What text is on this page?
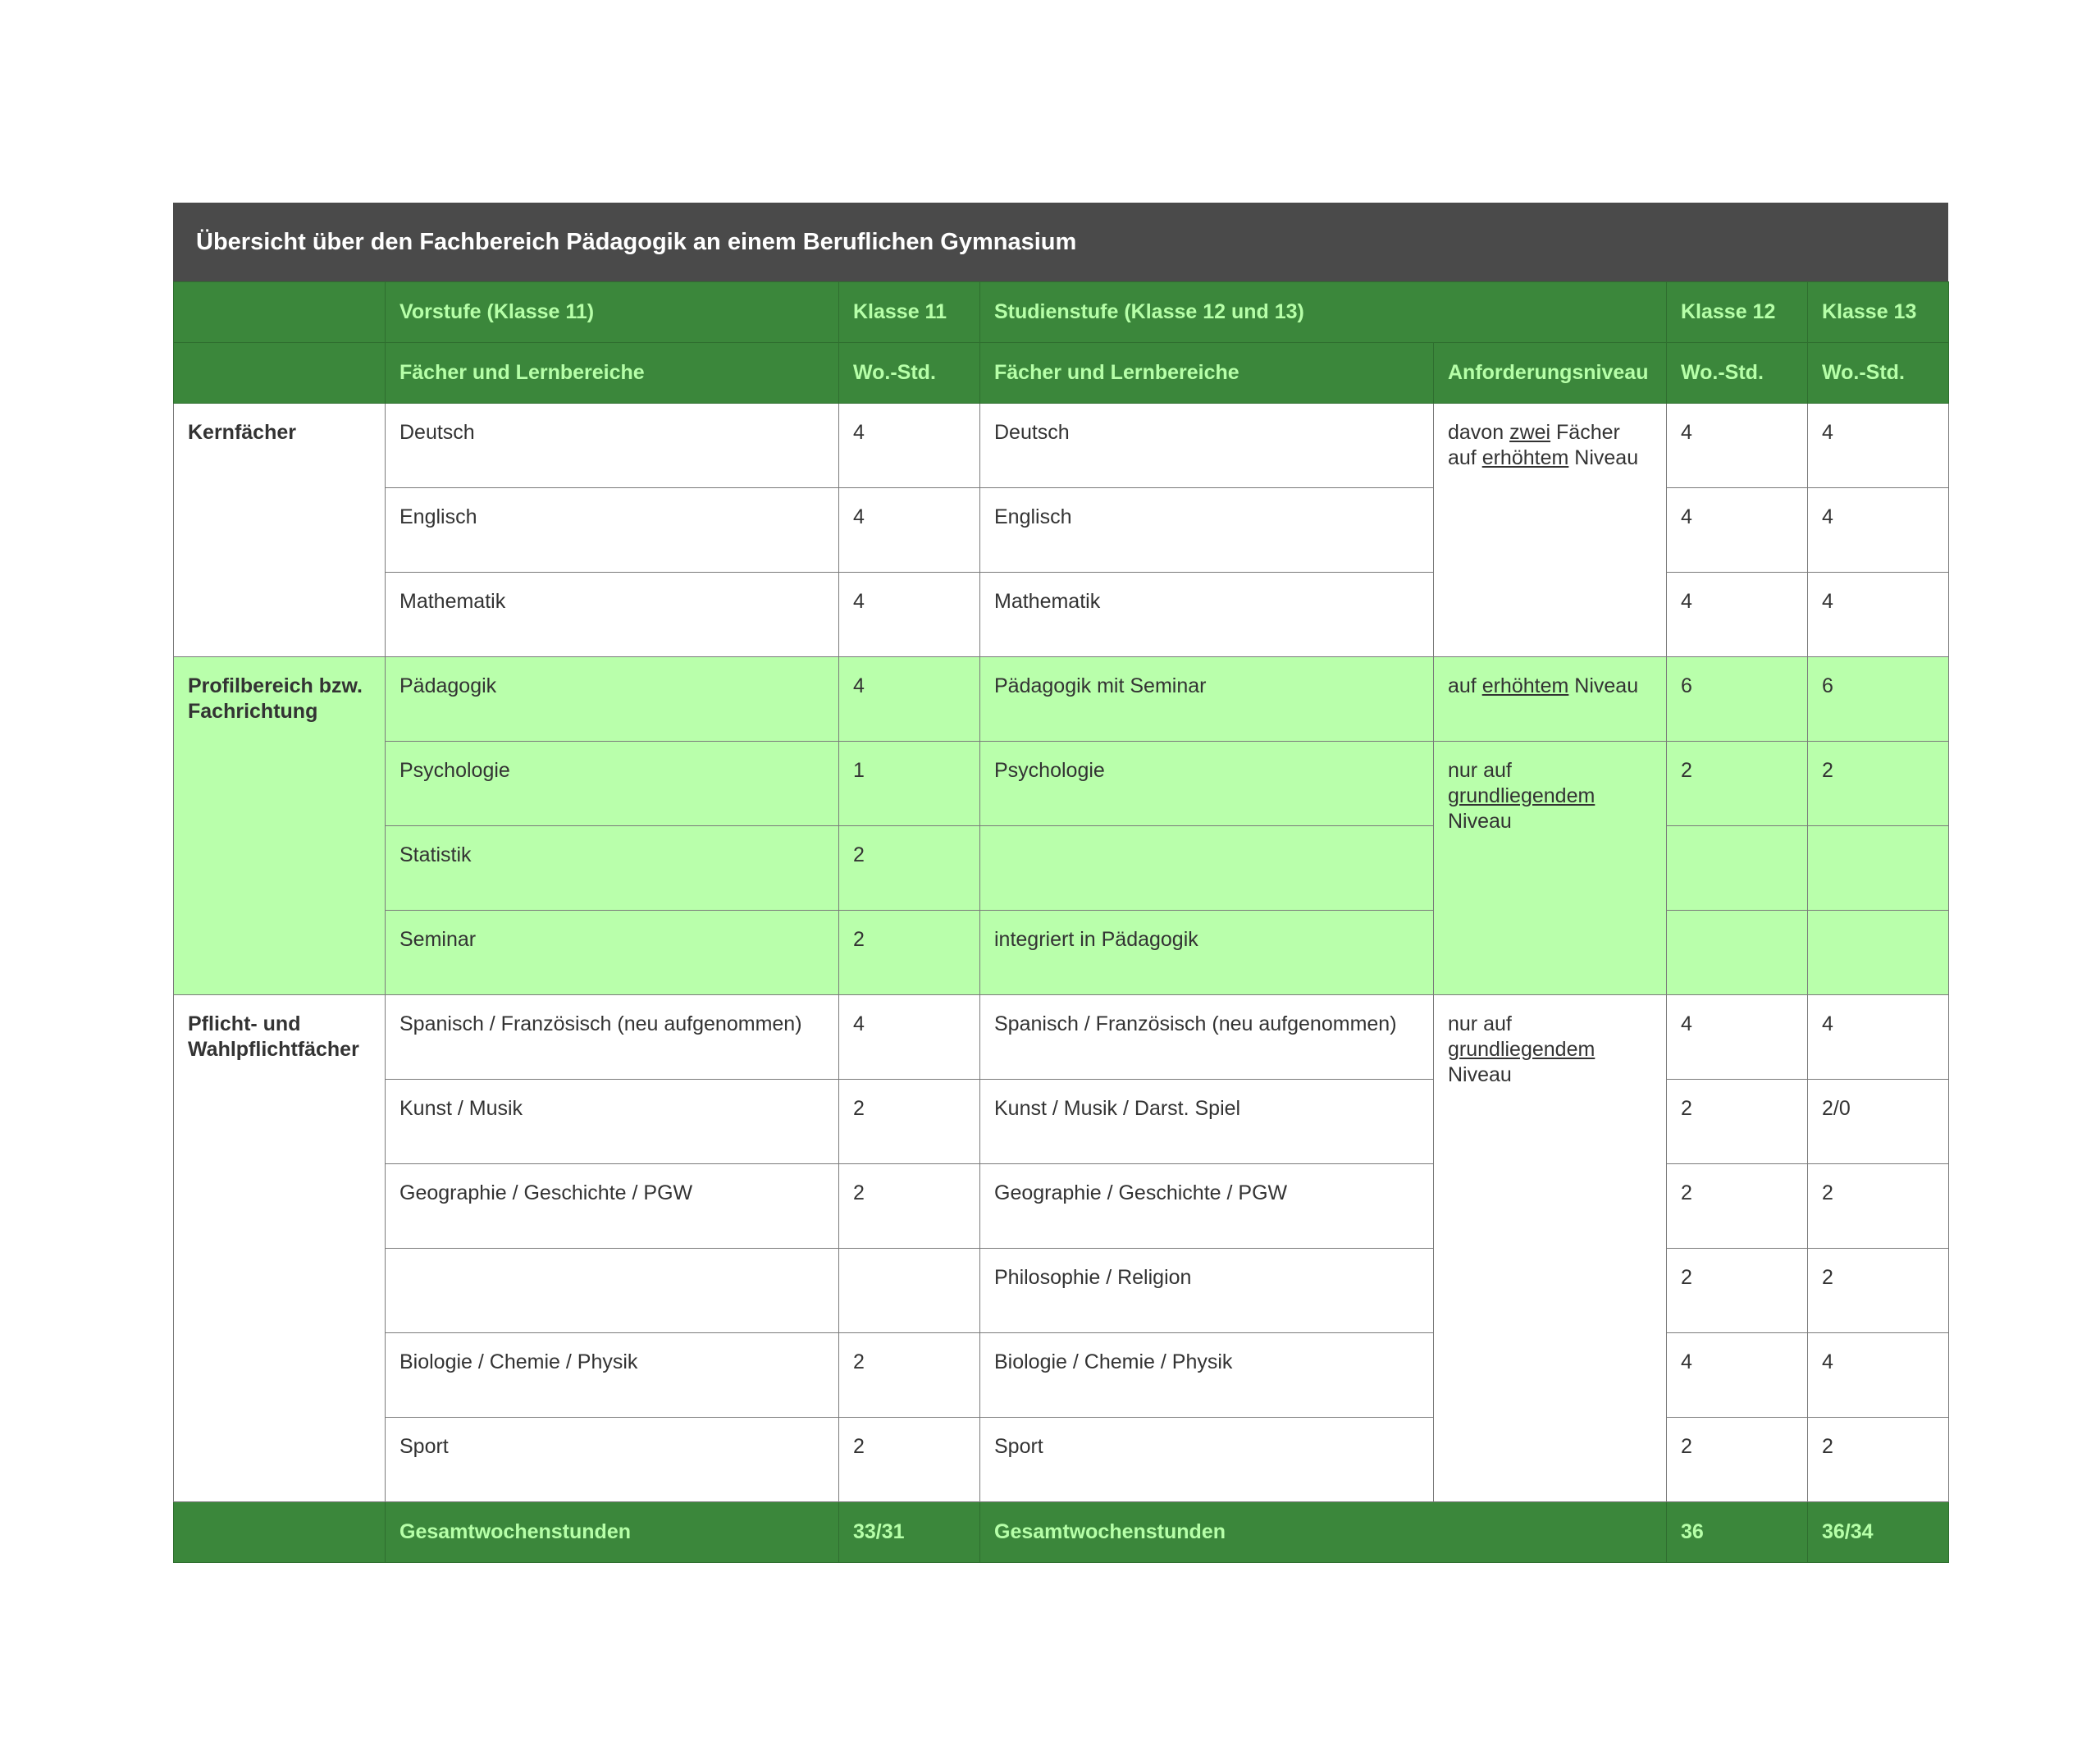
Übersicht über den Fachbereich Pädagogik an einem Beruflichen Gymnasium
	Vorstufe (Klasse 11)	Klasse 11	Studienstufe (Klasse 12 und 13)		Klasse 12	Klasse 13
	Fächer und Lernbereiche	Wo.-Std.	Fächer und Lernbereiche	Anforderungsniveau	Wo.-Std.	Wo.-Std.
Kernfächer	Deutsch	4	Deutsch	davon zwei Fächer auf erhöhtem Niveau	4	4
	Englisch	4	Englisch		4	4
	Mathematik	4	Mathematik		4	4
Profilbereich bzw. Fachrichtung	Pädagogik	4	Pädagogik mit Seminar	auf erhöhtem Niveau	6	6
	Psychologie	1	Psychologie	nur auf grundliegendem Niveau	2	2
	Statistik	2				
	Seminar	2	integriert in Pädagogik			
Pflicht- und Wahlpflichtfächer	Spanisch / Französisch (neu aufgenommen)	4	Spanisch / Französisch (neu aufgenommen)	nur auf grundliegendem Niveau	4	4
	Kunst / Musik	2	Kunst / Musik / Darst. Spiel		2	2/0
	Geographie / Geschichte / PGW	2	Geographie / Geschichte / PGW		2	2
			Philosophie / Religion		2	2
	Biologie / Chemie / Physik	2	Biologie / Chemie / Physik		4	4
	Sport	2	Sport		2	2
	Gesamtwochenstunden	33/31	Gesamtwochenstunden		36	36/34
